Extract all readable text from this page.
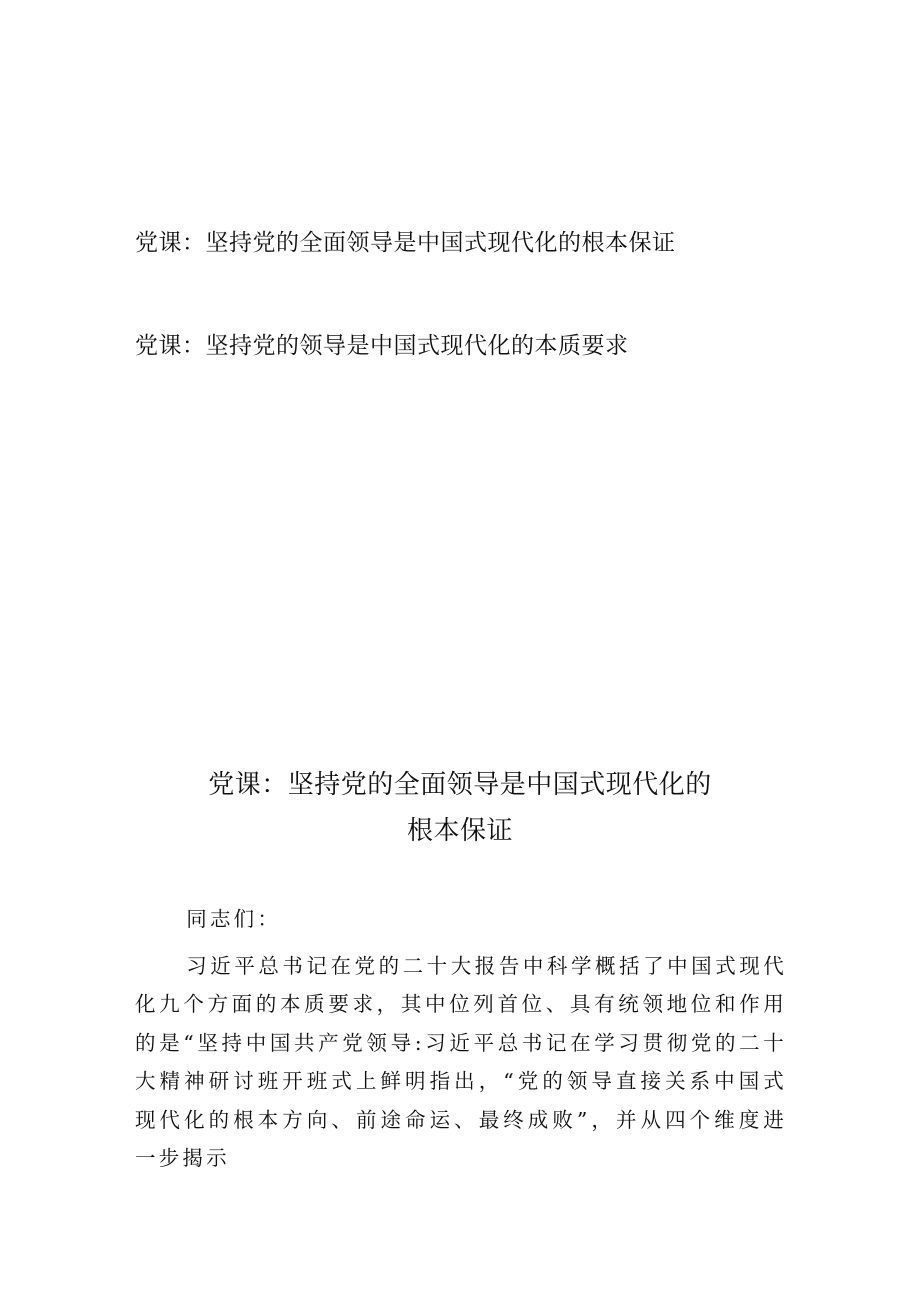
党课：坚持党的全面领导是中国式现代化的根本保证
党课：坚持党的领导是中国式现代化的本质要求
党课：坚持党的全面领导是中国式现代化的
根本保证

同志们：

习近平总书记在党的二十大报告中科学概括了中国式现代化九个方面的本质要求，其中位列首位、具有统领地位和作用的是“坚持中国共产党领导:习近平总书记在学习贯彻党的二十大精神研讨班开班式上鲜明指出，“党的领导直接关系中国式现代化的根本方向、前途命运、最终成败”，并从四个维度进一步揭示
